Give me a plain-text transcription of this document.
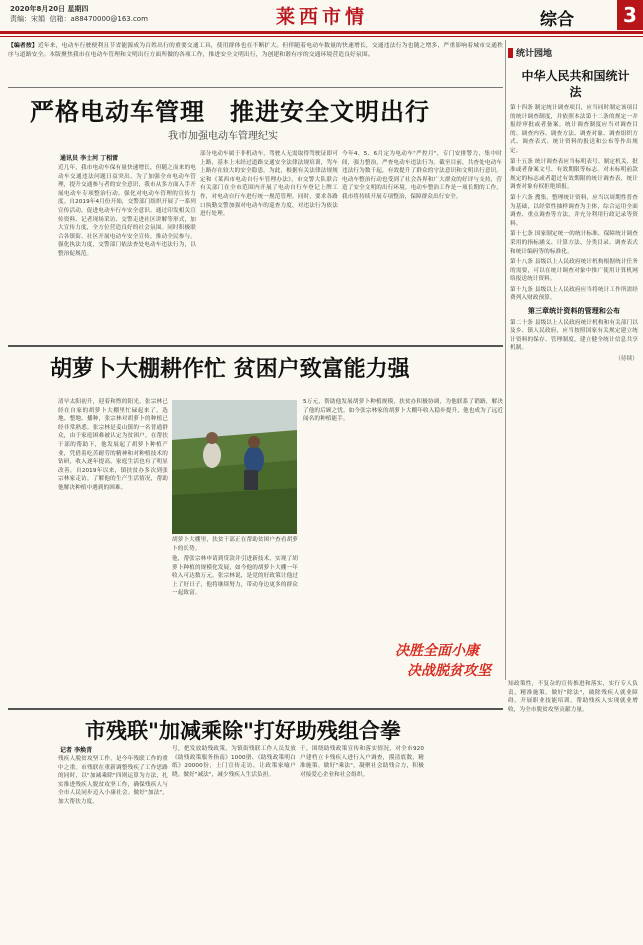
2020年8月20日 星期四
责编：宋娟 信箱：a88470000@163.com	莱西市情	综合	3
【编者按】近年来，电动车行驶便利且节省能源成为百姓出行的重要交通工具，使用群体也在不断扩大。但伴随着电动车数量的快速增长，交通违法行为也随之增多，严重影响着城市交通秩序与道路安全。本版聚焦我市在电动车管理和文明出行方面所做的各项工作，推进安全文明出行，为创建和谐有序的交通环境营造良好氛围。
严格电动车管理　推进安全文明出行
我市加强电动车管理纪实
通讯员 李士河 丁相雷
近几年，我市电动车保有量快速增长，但随之而来的电动车交通违法问题日益突出。为了加强全市电动车管理，提升交通参与者的安全意识，我市从多方面入手开展电动车专项整治行动。强化对电动车管理的宣传力度。自2019年4月份开始，交警部门组织开展了一系列宣传活动，促进电动车行车安全意识。通过印发相关宣传资料、记者现场采访、交警走进社区讲解等形式，加大宣传力度，全方位营造良好的社会氛围。同时积极联合各镇街、社区开展电动车安全宣传，推动全民参与。强化执法力度，交警部门依法查处电动车违法行为，以整治促规范。
部分电动车属于非机动车，驾驶人无需取得驾驶证即可上路，基本上未经过道路交通安全法律法规培训，驾车上路存在较大的安全隐患。为此，根据有关法律法规规定和《莱西市电动自行车管理办法》，市交警大队联合有关部门在全市范围内开展了电动自行车登记上牌工作，对电动自行车进行统一规范管理。同时，要求各路口执勤交警加强对电动车的巡查力度，对违法行为依法进行处理。
今年4、5、6月定为电动车"严控月"，专门安排警力，集中时间，强力整治，严查电动车违法行为。截至目前，共查处电动车违法行为数千起，有效提升了群众的守法意识和文明出行意识。电动车整治行动也受到了社会各界和广大群众的好评与支持，营造了安全文明的出行环境。电动车整治工作是一项长期的工作，我市将持续开展专项整治，保障群众出行安全。
胡萝卜大棚耕作忙 贫困户致富能力强
清早太阳初升，迎着和煦的阳光，张宗林已经在自家的胡萝卜大棚里忙碌起来了。选地、整地、播种，张宗林对胡萝卜的种植已经非常熟悉。张宗林是姜山镇的一名普通群众，由于家庭困难被认定为贫困户。在帮扶干部的帮助下，他发展起了胡萝卜种植产业，凭借着吃苦耐劳的精神和对种植技术的钻研，收入逐年提高，家庭生活也有了明显改善。自2019年以来，镇扶贫办多次到张宗林家走访，了解他的生产生活情况，帮助他解决种植中遇到的困难。
胡萝卜大棚里，扶贫干部正在帮助贫困户查看胡萝卜的长势。
他，帮张宗林申请到贷款并引进新技术，实现了胡萝卜种植的规模化发展，如今他的胡萝卜大棚一年收入可达数万元。张宗林说，是党的好政策让他过上了好日子，他将继续努力，带动身边更多的群众一起致富。
5万元，帮助他发展胡萝卜种植规模，扶贫办积极协调，为他联系了销路，解决了他的后顾之忧。如今张宗林家的胡萝卜大棚年收入稳步提升，他也成为了远近闻名的种植能手。
决胜全面小康
决战脱贫攻坚
市残联"加减乘除"打好助残组合拳
记者 李焕青
残疾人脱贫攻坚工作，是今年残联工作的重中之重。市残联在重新调整残疾了工作思路的同时，以"加减乘除"四则运算为方法，扎实推进残疾人脱贫攻坚工作，确保残疾人与全市人民同步迈入小康社会。做好"加法"，加大帮扶力度。
号，把发放助残政策，为镇街残联工作人员发放《助残政策服务指南》1000册、《助残政策明白纸》20000份，上门宣传走访，让政策家喻户晓。做好"减法"，减少残疾人生活负担。
千，围绕助残政策宣传和落实情况，对全市920户建档立卡残疾人进行入户调查，摸清底数，精准施策。做好"乘法"，凝聚社会助残合力，积极对接爱心企业和社会组织。
知政策性，不复杂的宣传推进和落实，实行专人负责，精准施策。做好"除法"，破除残疾人就业障碍，开展职业技能培训，帮助残疾人实现就业增收，为全市脱贫攻坚贡献力量。
统计园地
中华人民共和国统计法

第十四条 制定统计调查项目，应当同时制定该项目的统计调查制度，并依照本法第十二条的规定一并报经审批或者备案。统计调查制度应当对调查目的、调查内容、调查方法、调查对象、调查组织方式、调查表式、统计资料的报送和公布等作出规定。

第十五条 统计调查表应当标明表号、制定机关、批准或者备案文号、有效期限等标志。对未标明前款规定的标志或者超过有效期限的统计调查表，统计调查对象有权拒绝填报。

第十六条 搜集、整理统计资料，应当以周期性普查为基础，以经常性抽样调查为主体，综合运用全面调查、重点调查等方法，并充分利用行政记录等资料。

第十七条 国家制定统一的统计标准，保障统计调查采用的指标涵义、计算方法、分类目录、调查表式和统计编码等的标准化。

第十八条 县级以上人民政府统计机构根据统计任务的需要，可以在统计调查对象中推广使用计算机网络报送统计资料。

第十九条 县级以上人民政府应当将统计工作所需经费列入财政预算。

第三章统计资料的管理和公布

第二十条 县级以上人民政府统计机构和有关部门以及乡、镇人民政府，应当按照国家有关规定建立统计资料的保存、管理制度，建立健全统计信息共享机制。

（待续）
